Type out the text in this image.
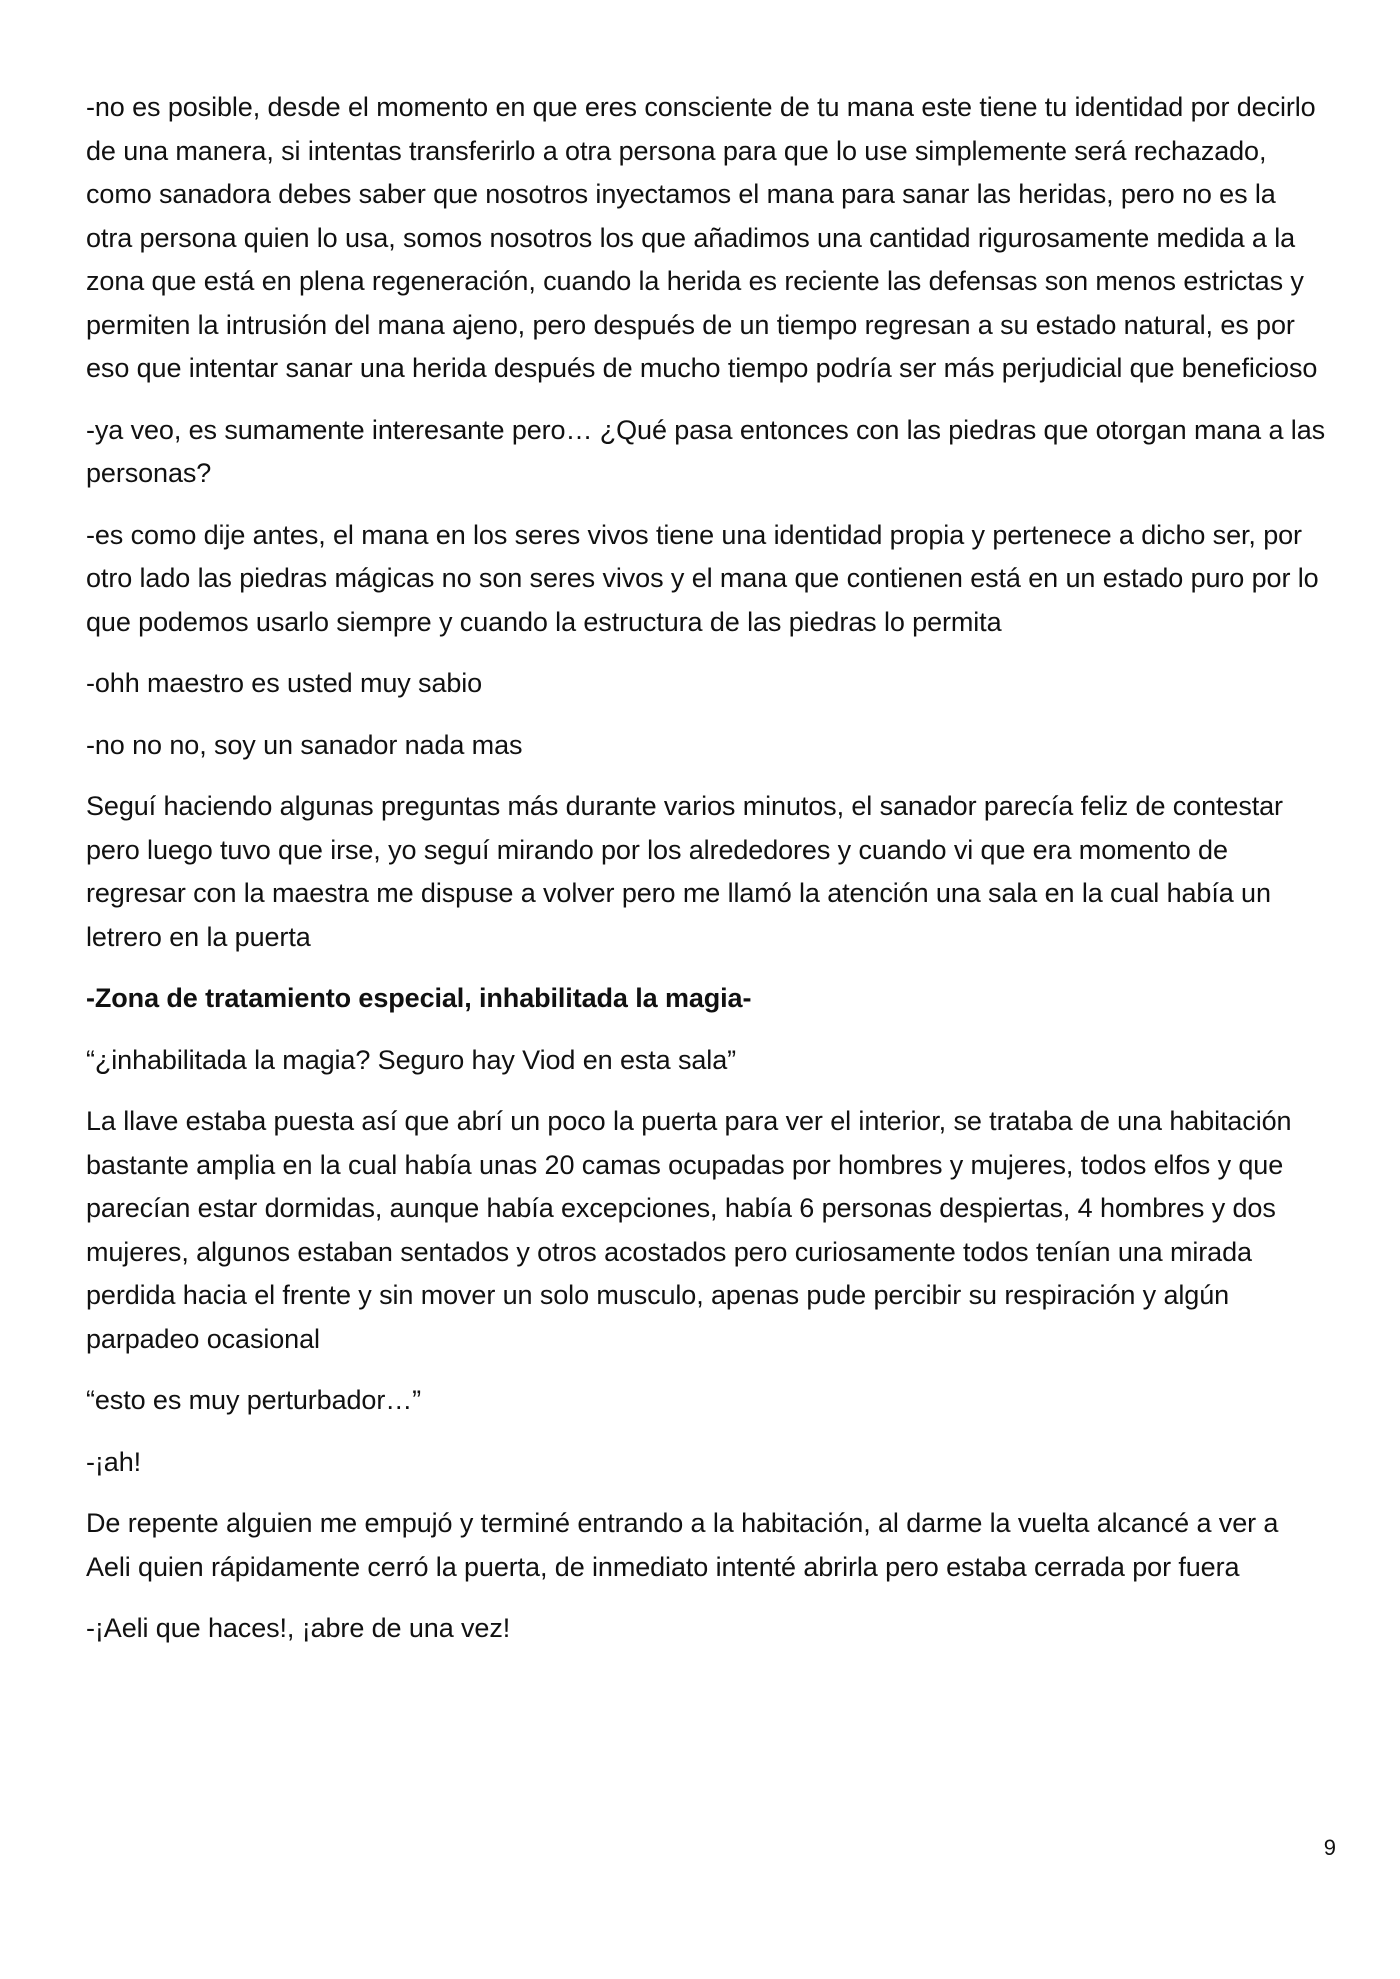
-no es posible, desde el momento en que eres consciente de tu mana este tiene tu identidad por decirlo de una manera, si intentas transferirlo a otra persona para que lo use simplemente será rechazado, como sanadora debes saber que nosotros inyectamos el mana para sanar las heridas, pero no es la otra persona quien lo usa, somos nosotros los que añadimos una cantidad rigurosamente medida a la zona que está en plena regeneración, cuando la herida es reciente las defensas son menos estrictas y permiten la intrusión del mana ajeno, pero después de un tiempo regresan a su estado natural, es por eso que intentar sanar una herida después de mucho tiempo podría ser más perjudicial que beneficioso

-ya veo, es sumamente interesante pero… ¿Qué pasa entonces con las piedras que otorgan mana a las personas?

-es como dije antes, el mana en los seres vivos tiene una identidad propia y pertenece a dicho ser, por otro lado las piedras mágicas no son seres vivos y el mana que contienen está en un estado puro por lo que podemos usarlo siempre y cuando la estructura de las piedras lo permita

-ohh maestro es usted muy sabio

-no no no, soy un sanador nada mas

Seguí haciendo algunas preguntas más durante varios minutos, el sanador parecía feliz de contestar pero luego tuvo que irse, yo seguí mirando por los alrededores y cuando vi que era momento de regresar con la maestra me dispuse a volver pero me llamó la atención una sala en la cual había un letrero en la puerta

-Zona de tratamiento especial, inhabilitada la magia-

“¿inhabilitada la magia? Seguro hay Viod en esta sala”

La llave estaba puesta así que abrí un poco la puerta para ver el interior, se trataba de una habitación bastante amplia en la cual había unas 20 camas ocupadas por hombres y mujeres, todos elfos y que parecían estar dormidas, aunque había excepciones, había 6 personas despiertas, 4 hombres y dos mujeres, algunos estaban sentados y otros acostados pero curiosamente todos tenían una mirada perdida hacia el frente y sin mover un solo musculo, apenas pude percibir su respiración y algún parpadeo ocasional

“esto es muy perturbador…”

-¡ah!

De repente alguien me empujó y terminé entrando a la habitación, al darme la vuelta alcancé a ver a Aeli quien rápidamente cerró la puerta, de inmediato intenté abrirla pero estaba cerrada por fuera

-¡Aeli que haces!, ¡abre de una vez!

9
